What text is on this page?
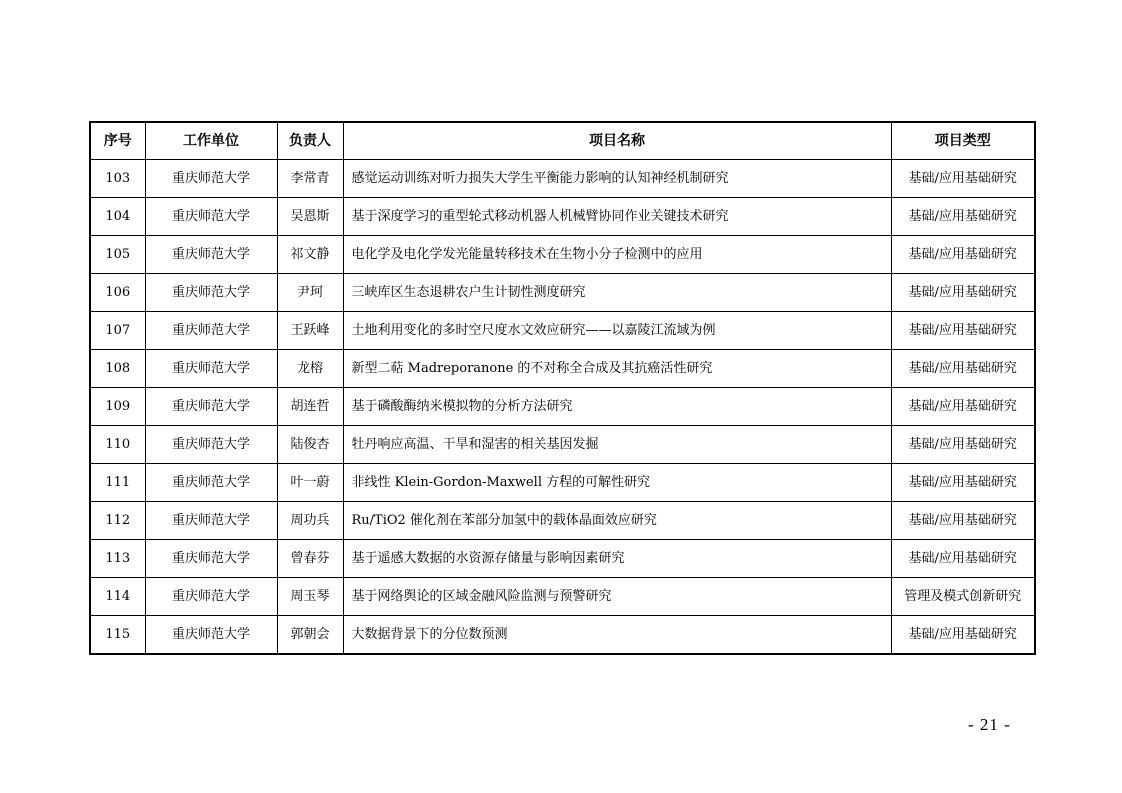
序号	工作单位	负责人	项目名称	项目类型
103	重庆师范大学	李常青	感觉运动训练对听力损失大学生平衡能力影响的认知神经机制研究	基础/应用基础研究
104	重庆师范大学	吴恩斯	基于深度学习的重型轮式移动机器人机械臂协同作业关键技术研究	基础/应用基础研究
105	重庆师范大学	祁文静	电化学及电化学发光能量转移技术在生物小分子检测中的应用	基础/应用基础研究
106	重庆师范大学	尹珂	三峡库区生态退耕农户生计韧性测度研究	基础/应用基础研究
107	重庆师范大学	王跃峰	土地利用变化的多时空尺度水文效应研究——以嘉陵江流域为例	基础/应用基础研究
108	重庆师范大学	龙榕	新型二萜 Madreporanone 的不对称全合成及其抗癌活性研究	基础/应用基础研究
109	重庆师范大学	胡连哲	基于磷酸酶纳米模拟物的分析方法研究	基础/应用基础研究
110	重庆师范大学	陆俊杏	牡丹响应高温、干旱和湿害的相关基因发掘	基础/应用基础研究
111	重庆师范大学	叶一蔚	非线性 Klein-Gordon-Maxwell 方程的可解性研究	基础/应用基础研究
112	重庆师范大学	周功兵	Ru/TiO2 催化剂在苯部分加氢中的载体晶面效应研究	基础/应用基础研究
113	重庆师范大学	曾春芬	基于遥感大数据的水资源存储量与影响因素研究	基础/应用基础研究
114	重庆师范大学	周玉琴	基于网络舆论的区域金融风险监测与预警研究	管理及模式创新研究
115	重庆师范大学	郭朝会	大数据背景下的分位数预测	基础/应用基础研究
- 21 -
